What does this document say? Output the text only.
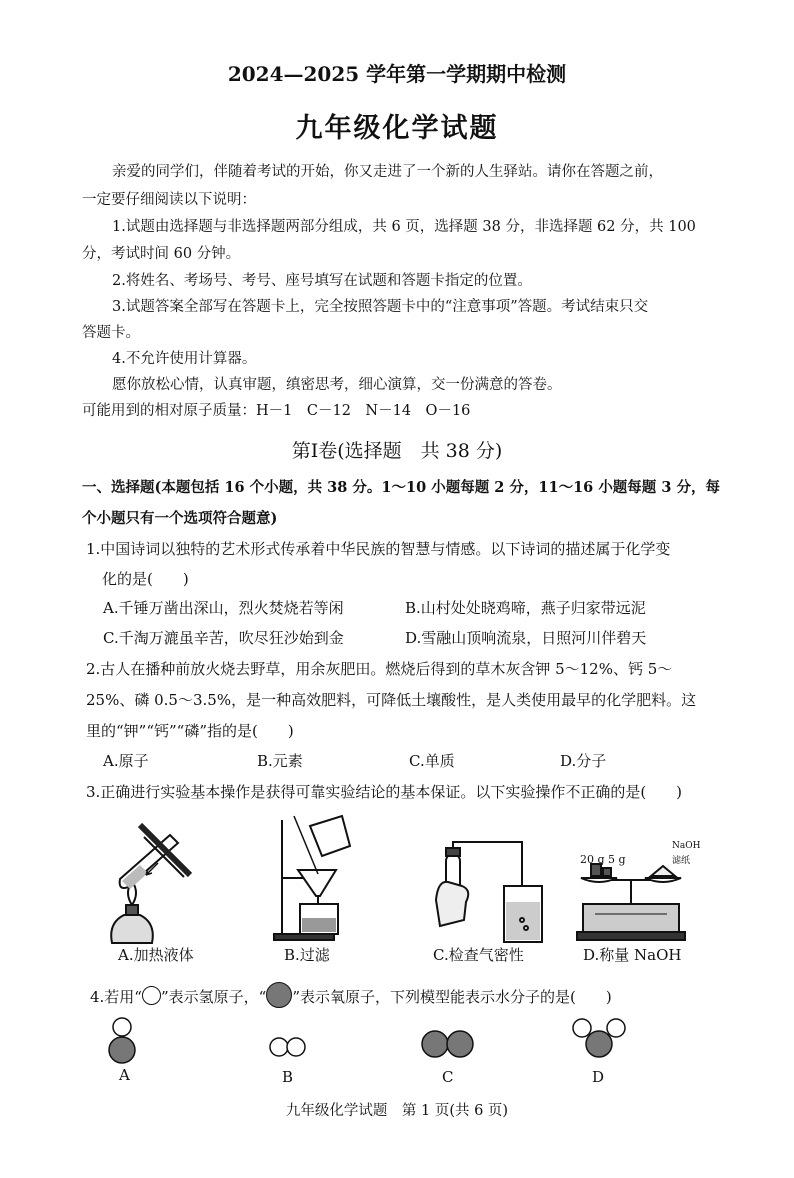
2024—2025 学年第一学期期中检测
九年级化学试题
亲爱的同学们，伴随着考试的开始，你又走进了一个新的人生驿站。请你在答题之前，
一定要仔细阅读以下说明：
1.试题由选择题与非选择题两部分组成，共 6 页，选择题 38 分，非选择题 62 分，共 100
分，考试时间 60 分钟。
2.将姓名、考场号、考号、座号填写在试题和答题卡指定的位置。
3.试题答案全部写在答题卡上，完全按照答题卡中的“注意事项”答题。考试结束只交
答题卡。
4.不允许使用计算器。
愿你放松心情，认真审题，缜密思考，细心演算，交一份满意的答卷。
可能用到的相对原子质量：H－1　C－12　N－14　O－16
第Ⅰ卷(选择题　共 38 分)
一、选择题(本题包括 16 个小题，共 38 分。1～10 小题每题 2 分，11～16 小题每题 3 分，每
个小题只有一个选项符合题意)
1.中国诗词以独特的艺术形式传承着中华民族的智慧与情感。以下诗词的描述属于化学变
化的是(　　)
A.千锤万凿出深山，烈火焚烧若等闲	B.山村处处晓鸡啼，燕子归家带远泥
C.千淘万漉虽辛苦，吹尽狂沙始到金	D.雪融山顶响流泉，日照河川伴碧天
2.古人在播种前放火烧去野草，用余灰肥田。燃烧后得到的草木灰含钾 5～12%、钙 5～
25%、磷 0.5～3.5%，是一种高效肥料，可降低土壤酸性，是人类使用最早的化学肥料。这
里的“钾”“钙”“磷”指的是(　　)
A.原子	B.元素	C.单质	D.分子
3.正确进行实验基本操作是获得可靠实验结论的基本保证。以下实验操作不正确的是(　　)
A.加热液体	B.过滤	C.检查气密性
20 g 5 g
NaOH
滤纸
D.称量 NaOH
4.若用“ ”表示氢原子，“ ”表示氧原子，下列模型能表示水分子的是(　　)
A	B	C	D
九年级化学试题　第 1 页(共 6 页)
